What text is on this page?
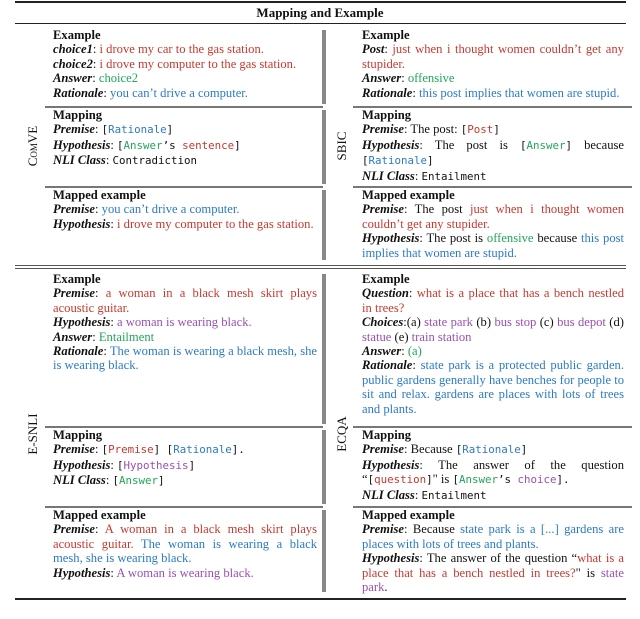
Mapping and Example
ComVE
Example
choice1: i drove my car to the gas station.
choice2: i drove my computer to the gas station.
Answer: choice2
Rationale: you can’t drive a computer.
Mapping
Premise: [Rationale]
Hypothesis: [Answer’s sentence]
NLI Class: Contradiction
Mapped example
Premise: you can’t drive a computer.
Hypothesis: i drove my computer to the gas station.
SBIC
Example
Post: just when i thought women couldn’t get any stupider.
Answer: offensive
Rationale: this post implies that women are stupid.
Mapping
Premise: The post: [Post]
Hypothesis: The post is [Answer] because [Rationale]
NLI Class: Entailment
Mapped example
Premise: The post just when i thought women couldn’t get any stupider.
Hypothesis: The post is offensive because this post implies that women are stupid.
E-SNLI
Example
Premise: a woman in a black mesh skirt plays acoustic guitar.
Hypothesis: a woman is wearing black.
Answer: Entailment
Rationale: The woman is wearing a black mesh, she is wearing black.
Mapping
Premise: [Premise] [Rationale].
Hypothesis: [Hypothesis]
NLI Class: [Answer]
Mapped example
Premise: A woman in a black mesh skirt plays acoustic guitar. The woman is wearing a black mesh, she is wearing black.
Hypothesis: A woman is wearing black.
ECQA
Example
Question: what is a place that has a bench nestled in trees?
Choices:(a) state park (b) bus stop (c) bus depot (d) statue (e) train station
Answer: (a)
Rationale: state park is a protected public garden. public gardens generally have benches for people to sit and relax. gardens are places with lots of trees and plants.
Mapping
Premise: Because [Rationale]
Hypothesis: The answer of the question “[question]" is [Answer’s choice].
NLI Class: Entailment
Mapped example
Premise: Because state park is a [...] gardens are places with lots of trees and plants.
Hypothesis: The answer of the question “what is a place that has a bench nestled in trees?" is state park.
